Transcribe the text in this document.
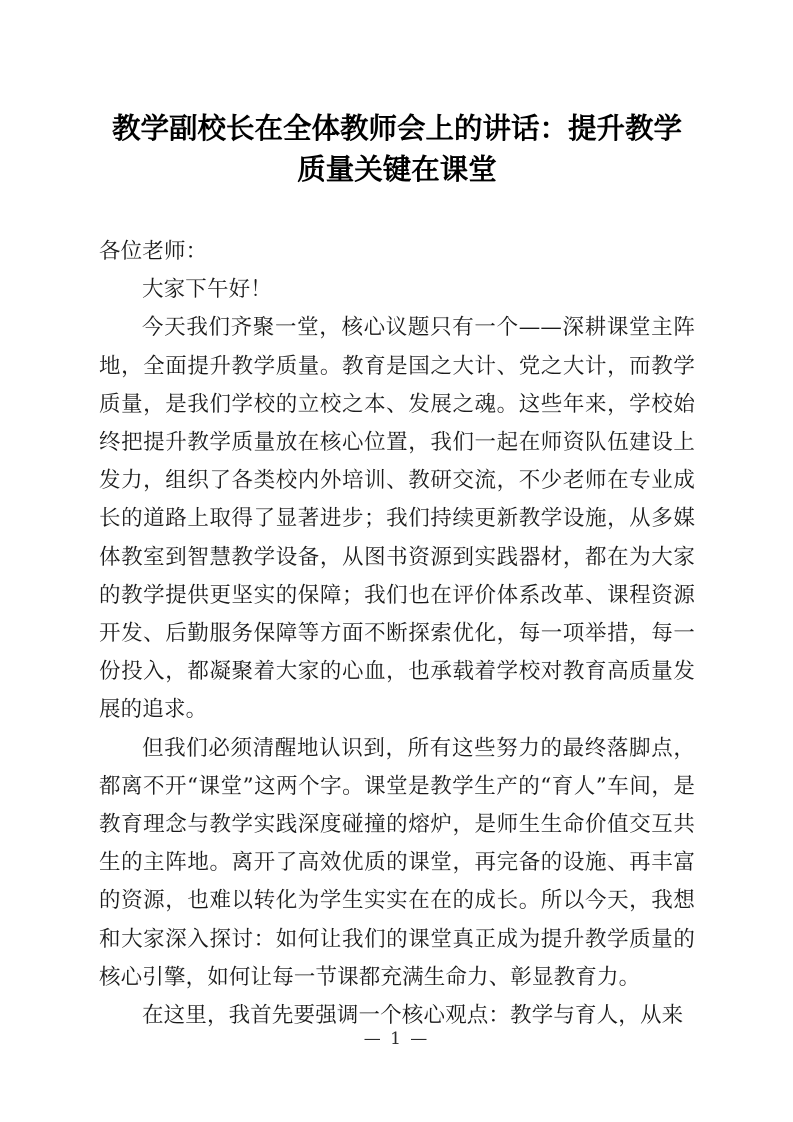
教学副校长在全体教师会上的讲话：提升教学质量关键在课堂

各位老师：

大家下午好！

今天我们齐聚一堂，核心议题只有一个——深耕课堂主阵地，全面提升教学质量。教育是国之大计、党之大计，而教学质量，是我们学校的立校之本、发展之魂。这些年来，学校始终把提升教学质量放在核心位置，我们一起在师资队伍建设上发力，组织了各类校内外培训、教研交流，不少老师在专业成长的道路上取得了显著进步；我们持续更新教学设施，从多媒体教室到智慧教学设备，从图书资源到实践器材，都在为大家的教学提供更坚实的保障；我们也在评价体系改革、课程资源开发、后勤服务保障等方面不断探索优化，每一项举措，每一份投入，都凝聚着大家的心血，也承载着学校对教育高质量发展的追求。

但我们必须清醒地认识到，所有这些努力的最终落脚点，都离不开“课堂”这两个字。课堂是教学生产的“育人”车间，是教育理念与教学实践深度碰撞的熔炉，是师生生命价值交互共生的主阵地。离开了高效优质的课堂，再完备的设施、再丰富的资源，也难以转化为学生实实在在的成长。所以今天，我想和大家深入探讨：如何让我们的课堂真正成为提升教学质量的核心引擎，如何让每一节课都充满生命力、彰显教育力。

在这里，我首先要强调一个核心观点：教学与育人，从来

— 1 —
